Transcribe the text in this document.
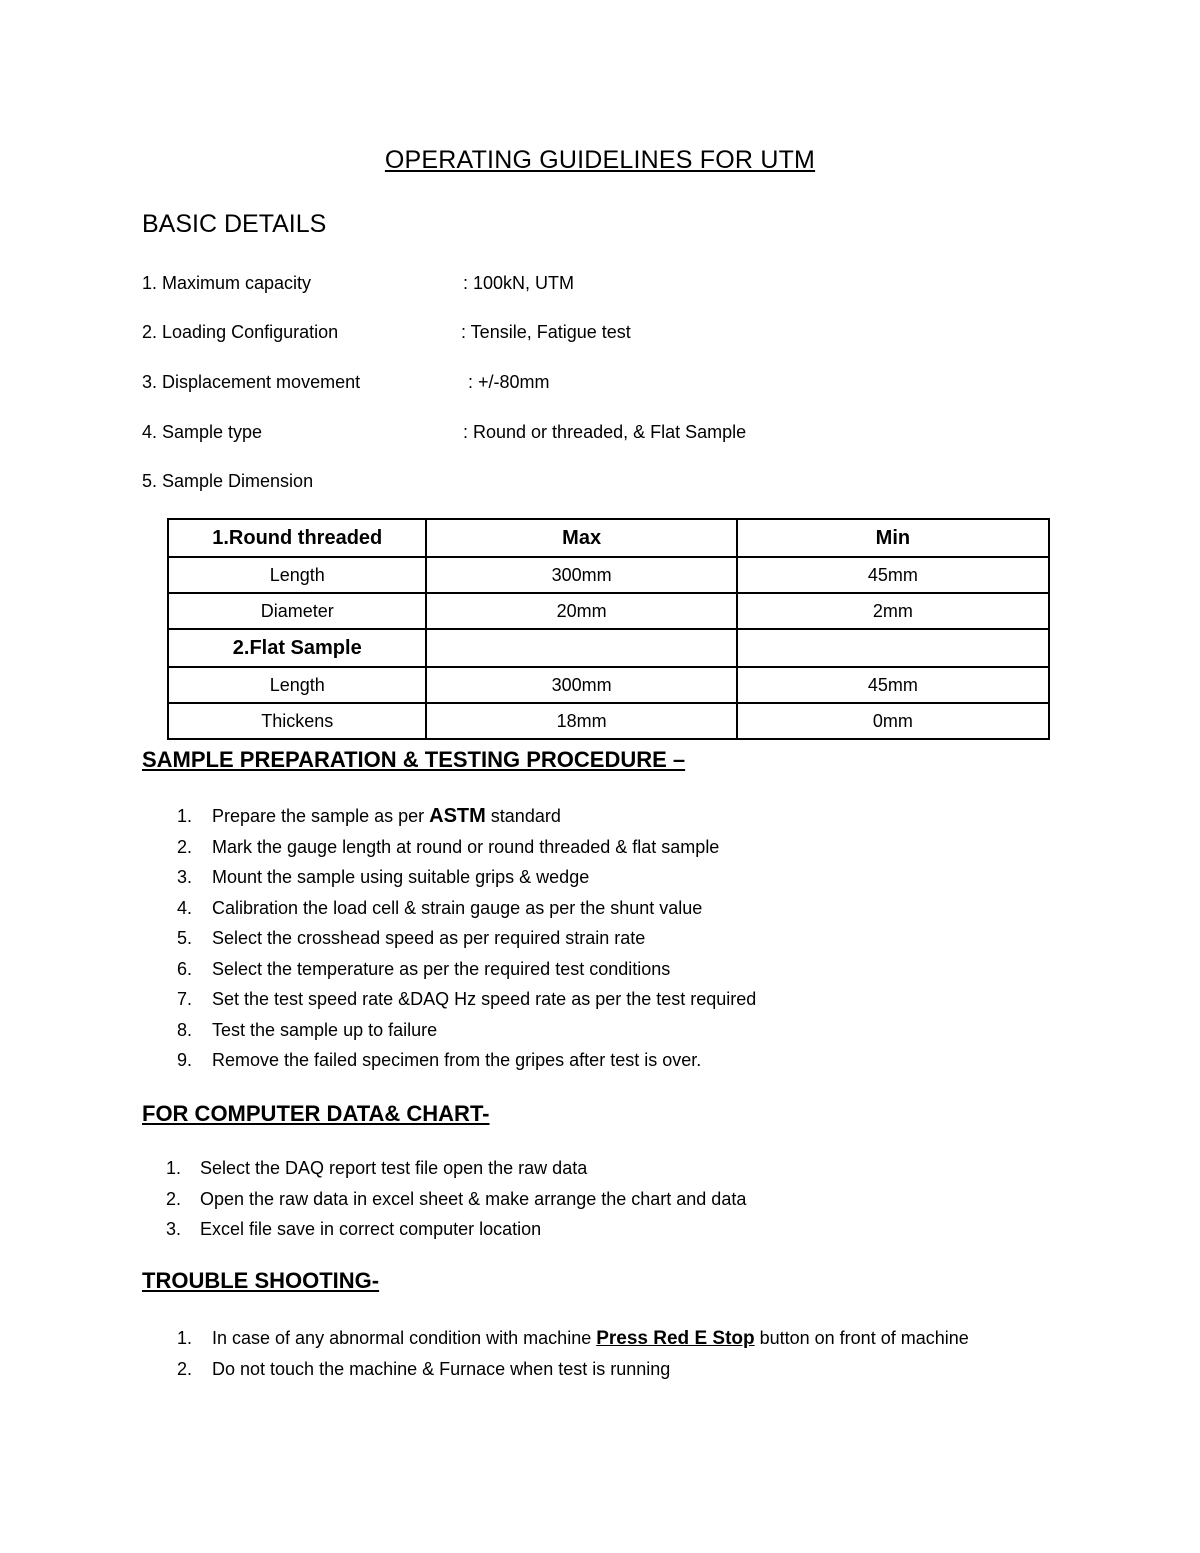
OPERATING GUIDELINES FOR UTM
BASIC DETAILS
1. Maximum capacity	: 100kN, UTM
2. Loading Configuration	: Tensile, Fatigue test
3. Displacement movement	: +/-80mm
4. Sample type	: Round or threaded, & Flat Sample
5. Sample Dimension
1.Round threaded	Max	Min
Length	300mm	45mm
Diameter	20mm	2mm
2.Flat Sample		
Length	300mm	45mm
Thickens	18mm	0mm
SAMPLE PREPARATION & TESTING PROCEDURE –
1. Prepare the sample as per ASTM standard
2. Mark the gauge length at round or round threaded & flat sample
3. Mount the sample using suitable grips & wedge
4. Calibration the load cell & strain gauge as per the shunt value
5. Select the crosshead speed as per required strain rate
6. Select the temperature as per the required test conditions
7. Set the test speed rate &DAQ Hz speed rate as per the test required
8. Test the sample up to failure
9. Remove the failed specimen from the gripes after test is over.
FOR COMPUTER DATA& CHART-
1. Select the DAQ report test file open the raw data
2. Open the raw data in excel sheet & make arrange the chart and data
3. Excel file save in correct computer location
TROUBLE SHOOTING-
1. In case of any abnormal condition with machine Press Red E Stop button on front of machine
2. Do not touch the machine & Furnace when test is running
